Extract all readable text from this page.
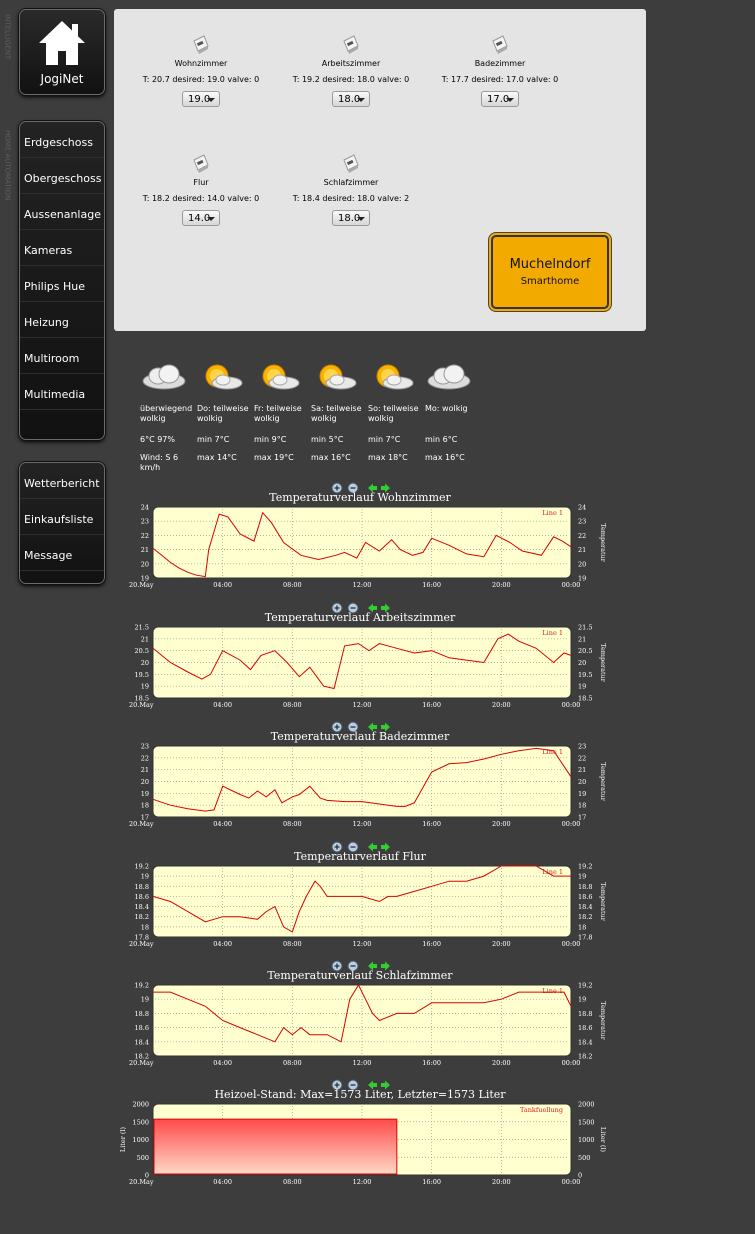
INTELLIGENT
HOME AUTOMATION
JogiNet
Erdgeschoss
Obergeschoss
Aussenanlage
Kameras
Philips Hue
Heizung
Multiroom
Multimedia
Wetterbericht
Einkaufsliste
Message
Wohnzimmer
T: 20.7 desired: 19.0 valve: 0
19.0
Arbeitszimmer
T: 19.2 desired: 18.0 valve: 0
18.0
Badezimmer
T: 17.7 desired: 17.0 valve: 0
17.0
Flur
T: 18.2 desired: 14.0 valve: 0
14.0
Schlafzimmer
T: 18.4 desired: 18.0 valve: 2
18.0
Muchelndorf
Smarthome
überwiegend wolkig
6°C 97%
Wind: S 6 km/h
Do: teilweise wolkig
min 7°C
max 14°C
Fr: teilweise wolkig
min 9°C
max 19°C
Sa: teilweise wolkig
min 5°C
max 16°C
So: teilweise wolkig
min 7°C
max 18°C
Mo: wolkig
min 6°C
max 16°C
Temperaturverlauf Wohnzimmer
04:00	08:00	12:00	16:00	20:00	00:00
20.May
19	19
20	20
21	21
22	22
23	23
24	24
Temperatur
Line 1
Temperaturverlauf Arbeitszimmer
04:00	08:00	12:00	16:00	20:00	00:00
20.May
18.5	18.5
19	19
19.5	19.5
20	20
20.5	20.5
21	21
21.5	21.5
Temperatur
Line 1
Temperaturverlauf Badezimmer
04:00	08:00	12:00	16:00	20:00	00:00
20.May
17	17
18	18
19	19
20	20
21	21
22	22
23	23
Temperatur
Line 1
Temperaturverlauf Flur
04:00	08:00	12:00	16:00	20:00	00:00
20.May
17.8	17.8
18	18
18.2	18.2
18.4	18.4
18.6	18.6
18.8	18.8
19	19
19.2	19.2
Temperatur
Line 1
Temperaturverlauf Schlafzimmer
04:00	08:00	12:00	16:00	20:00	00:00
20.May
18.2	18.2
18.4	18.4
18.6	18.6
18.8	18.8
19	19
19.2	19.2
Temperatur
Line 1
Heizoel-Stand: Max=1573 Liter, Letzter=1573 Liter
04:00	08:00	12:00	16:00	20:00	00:00
20.May
0	0
500	500
1000	1000
1500	1500
2000	2000
Liter (l)
Liter (l)
Tankfuellung
